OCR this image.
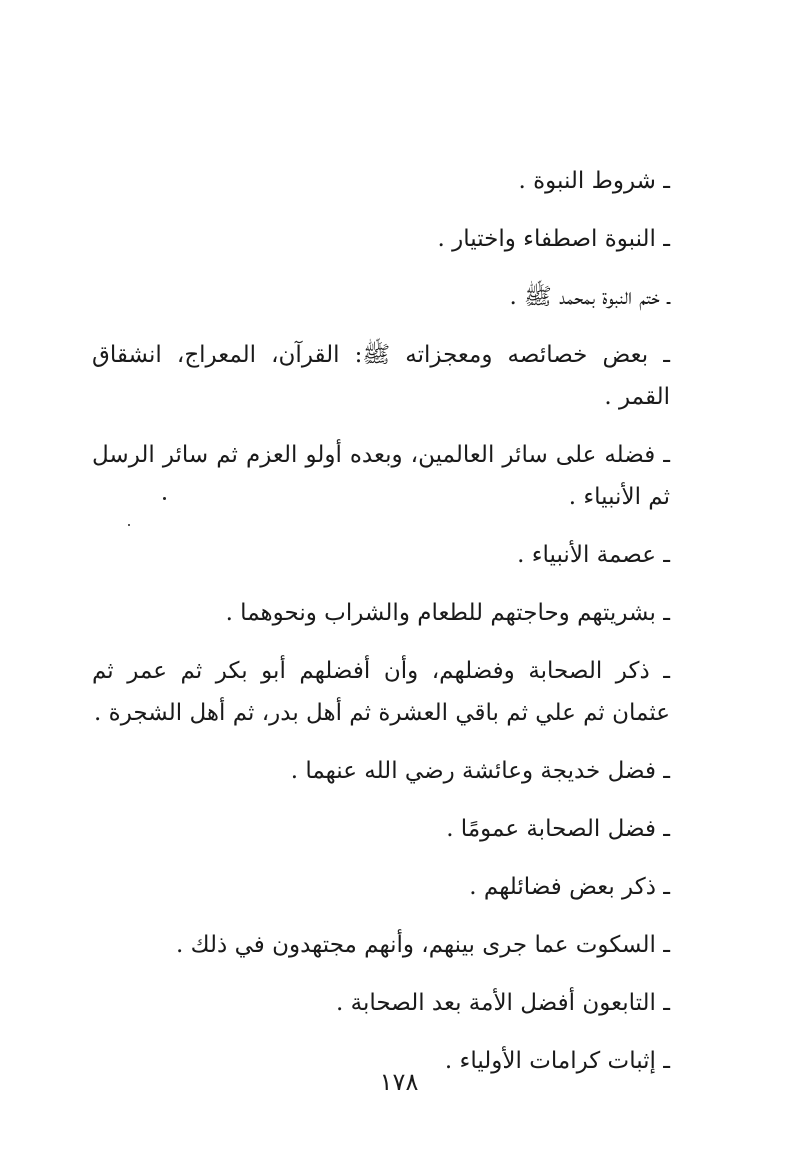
ـ شروط النبوة .

ـ النبوة اصطفاء واختيار .

ـ ختم النبوة بمحمد ﷺ .

ـ بعض خصائصه ومعجزاته ﷺ: القرآن، المعراج، انشقاق القمر .

ـ فضله على سائر العالمين، وبعده أولو العزم ثم سائر الرسل ثم الأنبياء .

ـ عصمة الأنبياء .

ـ بشريتهم وحاجتهم للطعام والشراب ونحوهما .

ـ ذكر الصحابة وفضلهم، وأن أفضلهم أبو بكر ثم عمر ثم عثمان ثم علي ثم باقي العشرة ثم أهل بدر، ثم أهل الشجرة .

ـ فضل خديجة وعائشة رضي الله عنهما .

ـ فضل الصحابة عمومًا .

ـ ذكر بعض فضائلهم .

ـ السكوت عما جرى بينهم، وأنهم مجتهدون في ذلك .

ـ التابعون أفضل الأمة بعد الصحابة .

ـ إثبات كرامات الأولياء .

١٧٨
